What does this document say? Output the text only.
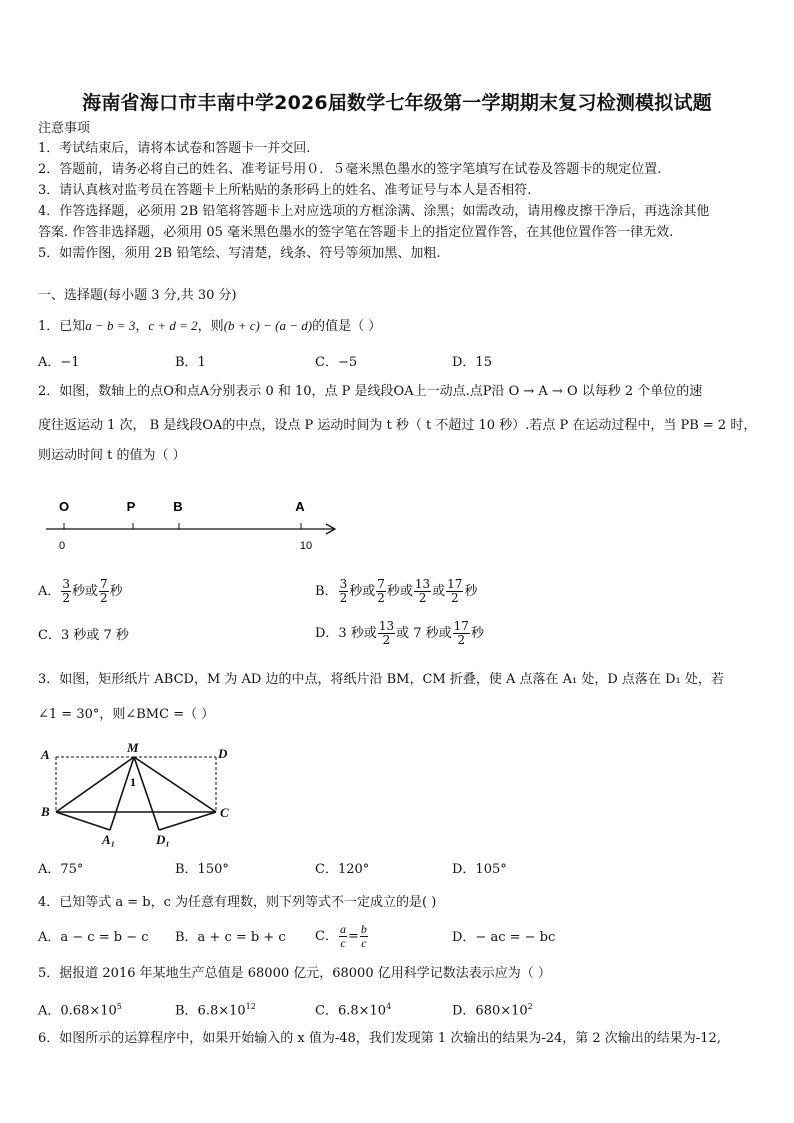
海南省海口市丰南中学2026届数学七年级第一学期期末复习检测模拟试题
注意事项
1．考试结束后，请将本试卷和答题卡一并交回.
2．答题前，请务必将自己的姓名、准考证号用０．５毫米黑色墨水的签字笔填写在试卷及答题卡的规定位置.
3．请认真核对监考员在答题卡上所粘贴的条形码上的姓名、准考证号与本人是否相符.
4．作答选择题，必须用 2B 铅笔将答题卡上对应选项的方框涂满、涂黑；如需改动，请用橡皮擦干净后，再选涂其他
答案. 作答非选择题，必须用 05 毫米黑色墨水的签字笔在答题卡上的指定位置作答，在其他位置作答一律无效.
5．如需作图，须用 2B 铅笔绘、写清楚，线条、符号等须加黑、加粗.
一、选择题(每小题 3 分,共 30 分)
1．已知a − b = 3，c + d = 2，则(b + c) − (a − d)的值是（ ）
A．−1	B．1	C．−5	D．15
2．如图，数轴上的点O和点A分别表示 0 和 10，点 P 是线段OA上一动点.点P沿 O → A → O 以每秒 2 个单位的速
度往返运动 1 次， B 是线段OA的中点，设点 P 运动时间为 t 秒（ t 不超过 10 秒）.若点 P 在运动过程中，当 PB = 2 时，
则运动时间 t 的值为（ ）
O	P	B	A
0	10
A． $\frac{3}{2}$ 秒或 $\frac{7}{2}$ 秒	B． $\frac{3}{2}$ 秒或 $\frac{7}{2}$ 秒或 $\frac{13}{2}$ 或 $\frac{17}{2}$ 秒
C．3 秒或 7 秒	D．3 秒或 $\frac{13}{2}$ 或 7 秒或 $\frac{17}{2}$ 秒
3．如图，矩形纸片 ABCD，M 为 AD 边的中点，将纸片沿 BM，CM 折叠，使 A 点落在 A₁ 处，D 点落在 D₁ 处，若
∠1 = 30°，则∠BMC =（ ）
A	M	D
B	C
A₁	D₁
1
A．75°	B．150°	C．120°	D．105°
4．已知等式 a = b，c 为任意有理数，则下列等式不一定成立的是( )
A．a − c = b − c B．a + c = b + c C． $\frac{a}{c} = \frac{b}{c}$	D．− ac = − bc
5．据报道 2016 年某地生产总值是 68000 亿元，68000 亿用科学记数法表示应为（ ）
A．$0.68\times 10^5$	B．$6.8\times 10^{12}$	C．$6.8\times 10^4$	D．$680\times 10^2$
6．如图所示的运算程序中，如果开始输入的 x 值为-48，我们发现第 1 次输出的结果为-24，第 2 次输出的结果为-12,
